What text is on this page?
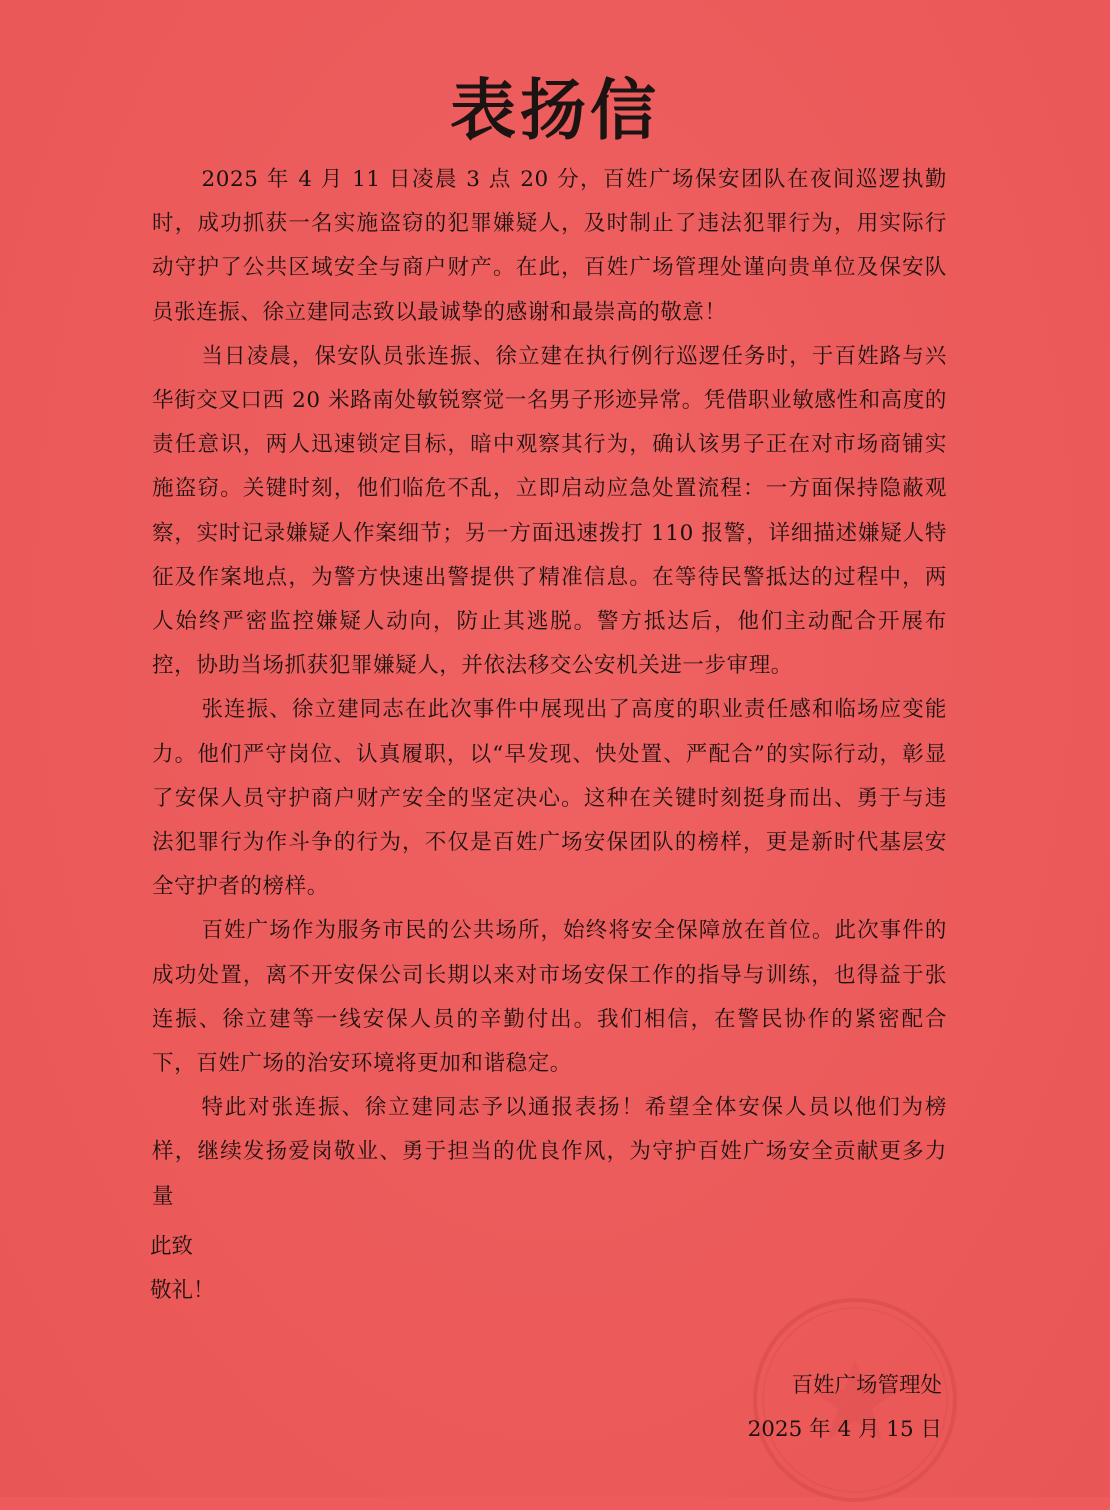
表扬信

2025 年 4 月 11 日凌晨 3 点 20 分，百姓广场保安团队在夜间巡逻执勤时，成功抓获一名实施盗窃的犯罪嫌疑人，及时制止了违法犯罪行为，用实际行动守护了公共区域安全与商户财产。在此，百姓广场管理处谨向贵单位及保安队员张连振、徐立建同志致以最诚挚的感谢和最崇高的敬意！

当日凌晨，保安队员张连振、徐立建在执行例行巡逻任务时，于百姓路与兴华街交叉口西 20 米路南处敏锐察觉一名男子形迹异常。凭借职业敏感性和高度的责任意识，两人迅速锁定目标，暗中观察其行为，确认该男子正在对市场商铺实施盗窃。关键时刻，他们临危不乱，立即启动应急处置流程：一方面保持隐蔽观察，实时记录嫌疑人作案细节；另一方面迅速拨打 110 报警，详细描述嫌疑人特征及作案地点，为警方快速出警提供了精准信息。在等待民警抵达的过程中，两人始终严密监控嫌疑人动向，防止其逃脱。警方抵达后，他们主动配合开展布控，协助当场抓获犯罪嫌疑人，并依法移交公安机关进一步审理。

张连振、徐立建同志在此次事件中展现出了高度的职业责任感和临场应变能力。他们严守岗位、认真履职，以“早发现、快处置、严配合”的实际行动，彰显了安保人员守护商户财产安全的坚定决心。这种在关键时刻挺身而出、勇于与违法犯罪行为作斗争的行为，不仅是百姓广场安保团队的榜样，更是新时代基层安全守护者的榜样。

百姓广场作为服务市民的公共场所，始终将安全保障放在首位。此次事件的成功处置，离不开安保公司长期以来对市场安保工作的指导与训练，也得益于张连振、徐立建等一线安保人员的辛勤付出。我们相信，在警民协作的紧密配合下，百姓广场的治安环境将更加和谐稳定。

特此对张连振、徐立建同志予以通报表扬！希望全体安保人员以他们为榜样，继续发扬爱岗敬业、勇于担当的优良作风，为守护百姓广场安全贡献更多力量

此致
敬礼！
百姓广场管理处
2025 年 4 月 15 日
